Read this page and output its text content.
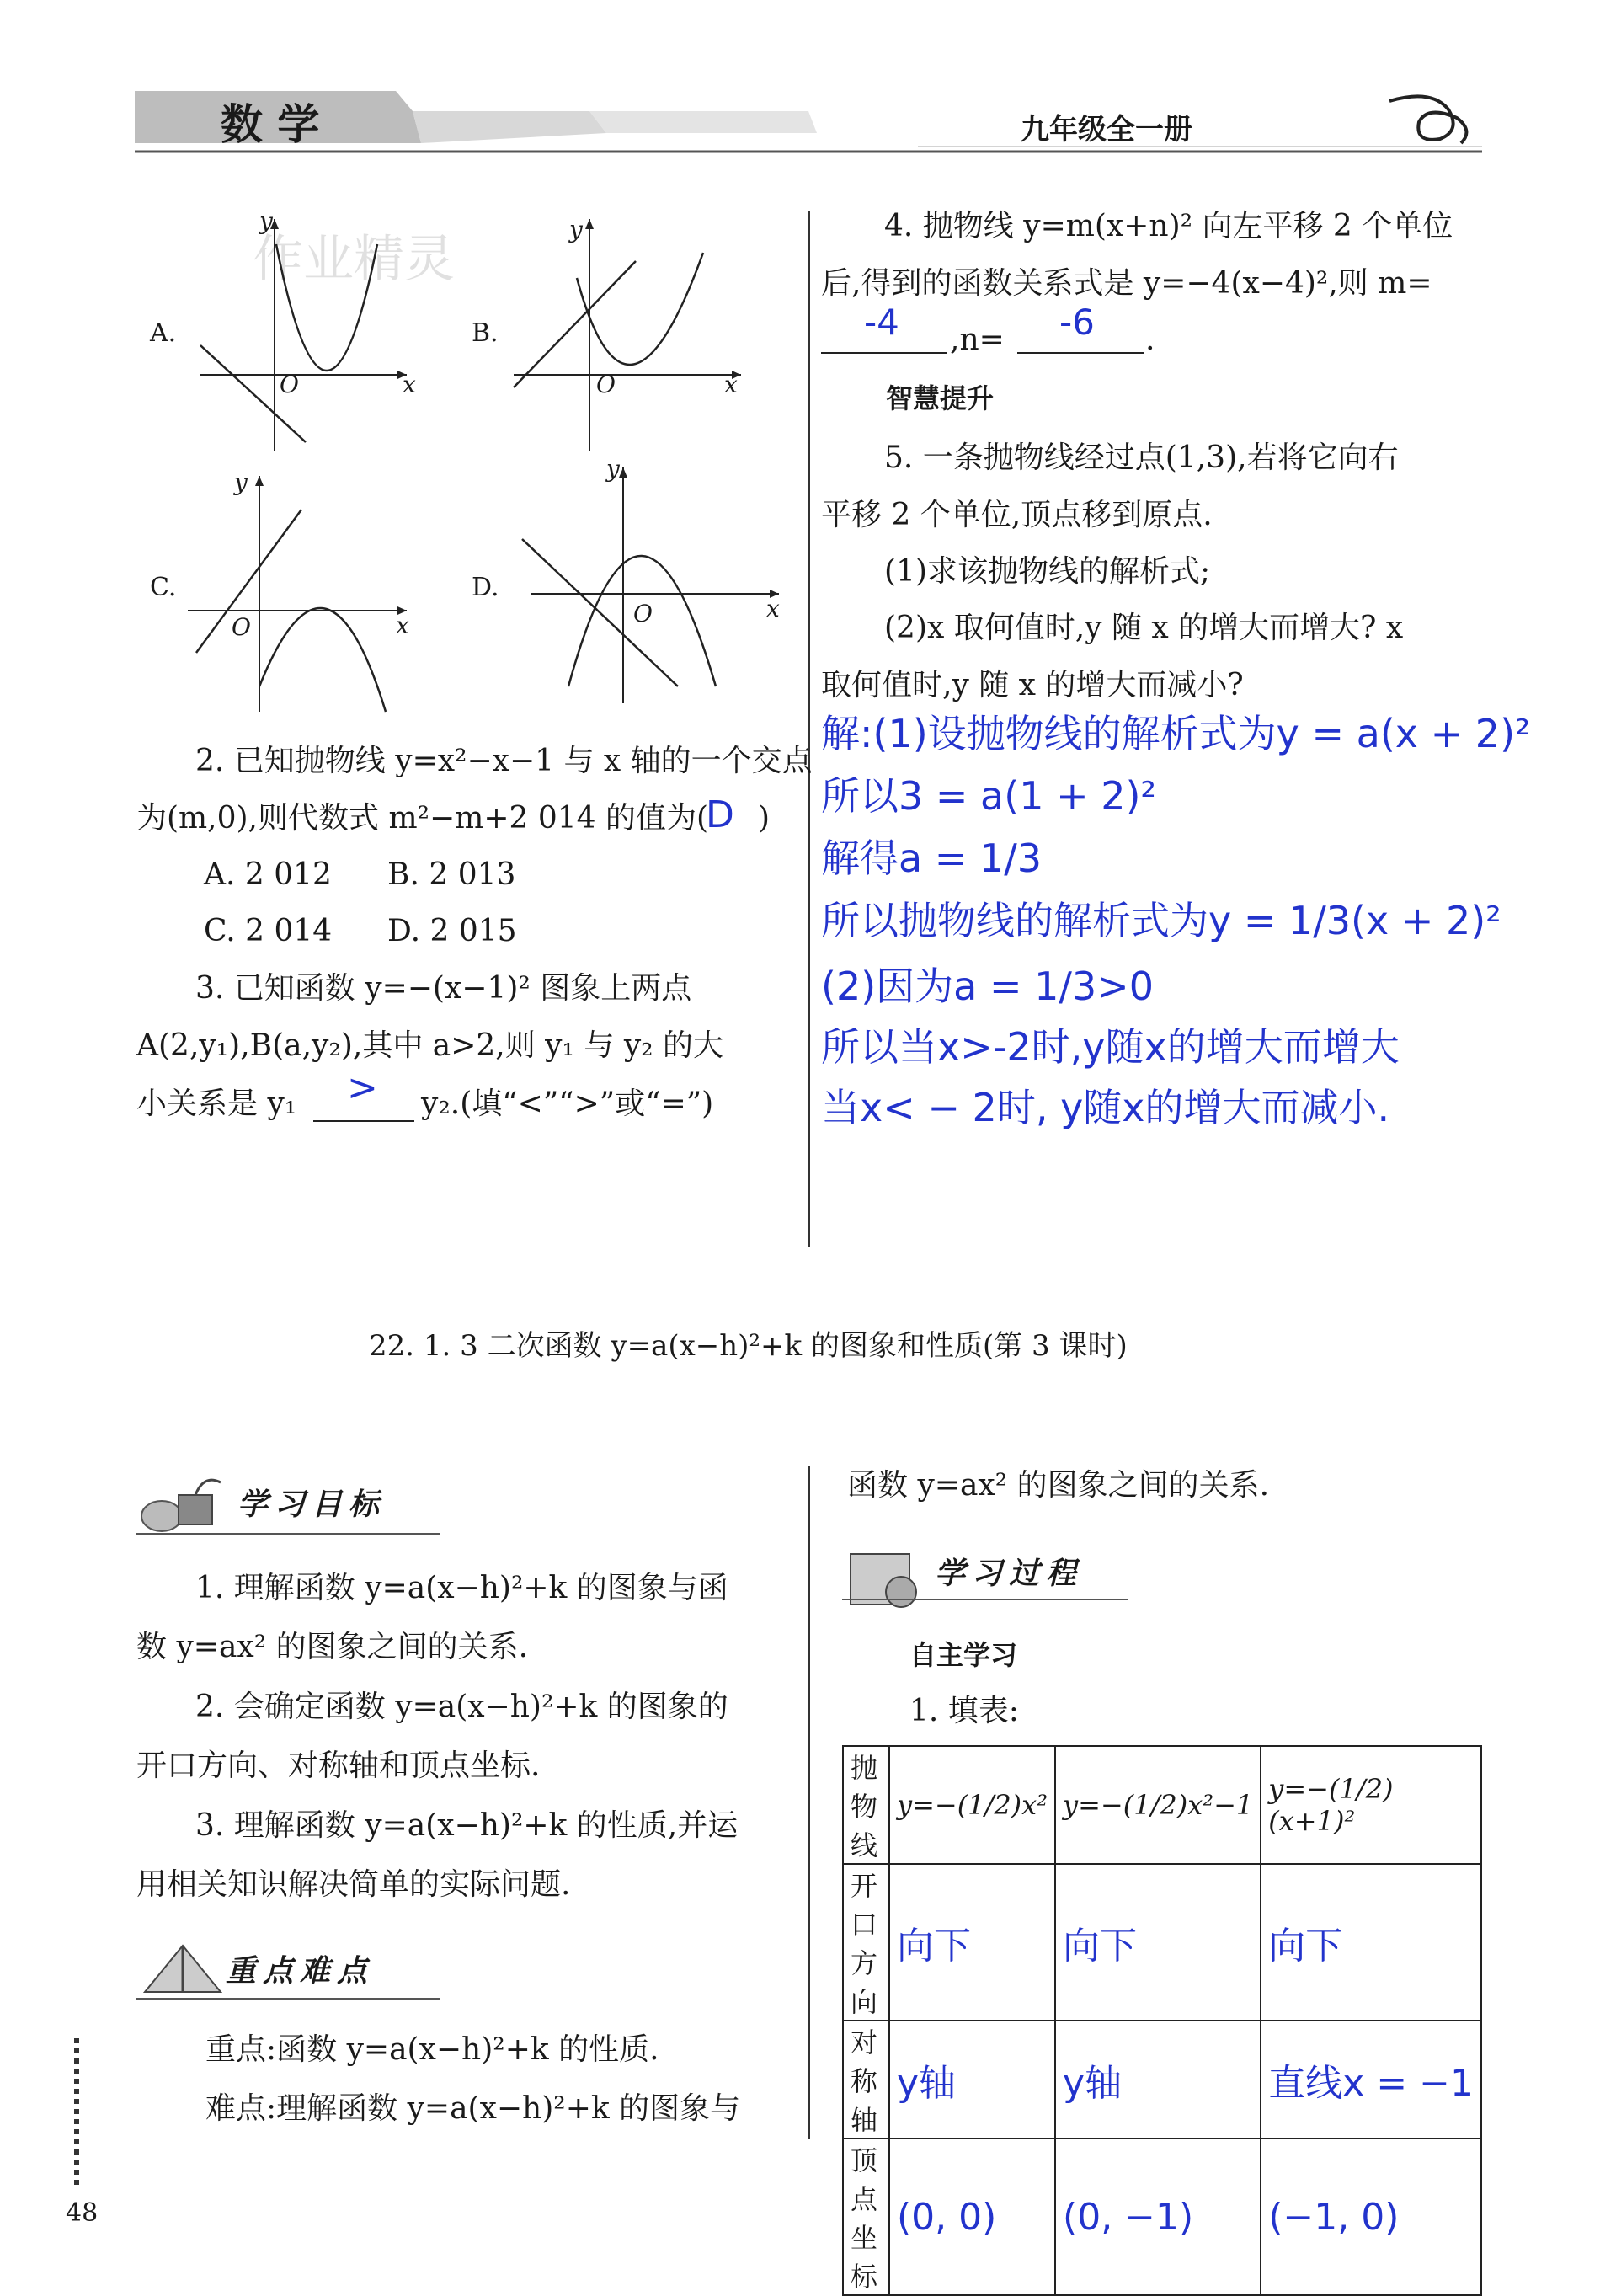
数 学	九年级全一册
作业精灵
A.
O
y
x
B.
O
y
x
C.
O
y
x
D.
O
y
x
2. 已知抛物线 y=x²−x−1 与 x 轴的一个交点
为(m,0),则代数式 m²−m+2 014 的值为(
D )
A. 2 012 B. 2 013
C. 2 014 D. 2 015
3. 已知函数 y=−(x−1)² 图象上两点
A(2,y₁),B(a,y₂),其中 a>2,则 y₁ 与 y₂ 的大
小关系是 y₁ > y₂.(填“<”“>”或“=”)
4. 抛物线 y=m(x+n)² 向左平移 2 个单位
后,得到的函数关系式是 y=−4(x−4)²,则 m=
-4 ,n= -6 .
智慧提升
5. 一条抛物线经过点(1,3),若将它向右
平移 2 个单位,顶点移到原点.
(1)求该抛物线的解析式;
(2)x 取何值时,y 随 x 的增大而增大? x
取何值时,y 随 x 的增大而减小?
解:(1)设抛物线的解析式为y = a(x + 2)²
所以3 = a(1 + 2)²
解得a = 1/3
所以抛物线的解析式为y = 1/3(x + 2)²
(2)因为a = 1/3>0
所以当x>-2时,y随x的增大而增大
当x< − 2时, y随x的增大而减小.
22. 1. 3 二次函数 y=a(x−h)²+k 的图象和性质(第 3 课时)
学习目标
1. 理解函数 y=a(x−h)²+k 的图象与函
数 y=ax² 的图象之间的关系.
2. 会确定函数 y=a(x−h)²+k 的图象的
开口方向、对称轴和顶点坐标.
3. 理解函数 y=a(x−h)²+k 的性质,并运
用相关知识解决简单的实际问题.
重点难点
重点:函数 y=a(x−h)²+k 的性质.
难点:理解函数 y=a(x−h)²+k 的图象与
函数 y=ax² 的图象之间的关系.
学习过程
自主学习
1. 填表:
抛物线	y=−(1/2)x²	y=−(1/2)x²−1	y=−(1/2)(x+1)²
开口方向	向下	向下	向下
对称轴	y轴	y轴	直线x = −1
顶点坐标	(0, 0)	(0, −1)	(−1, 0)
48
